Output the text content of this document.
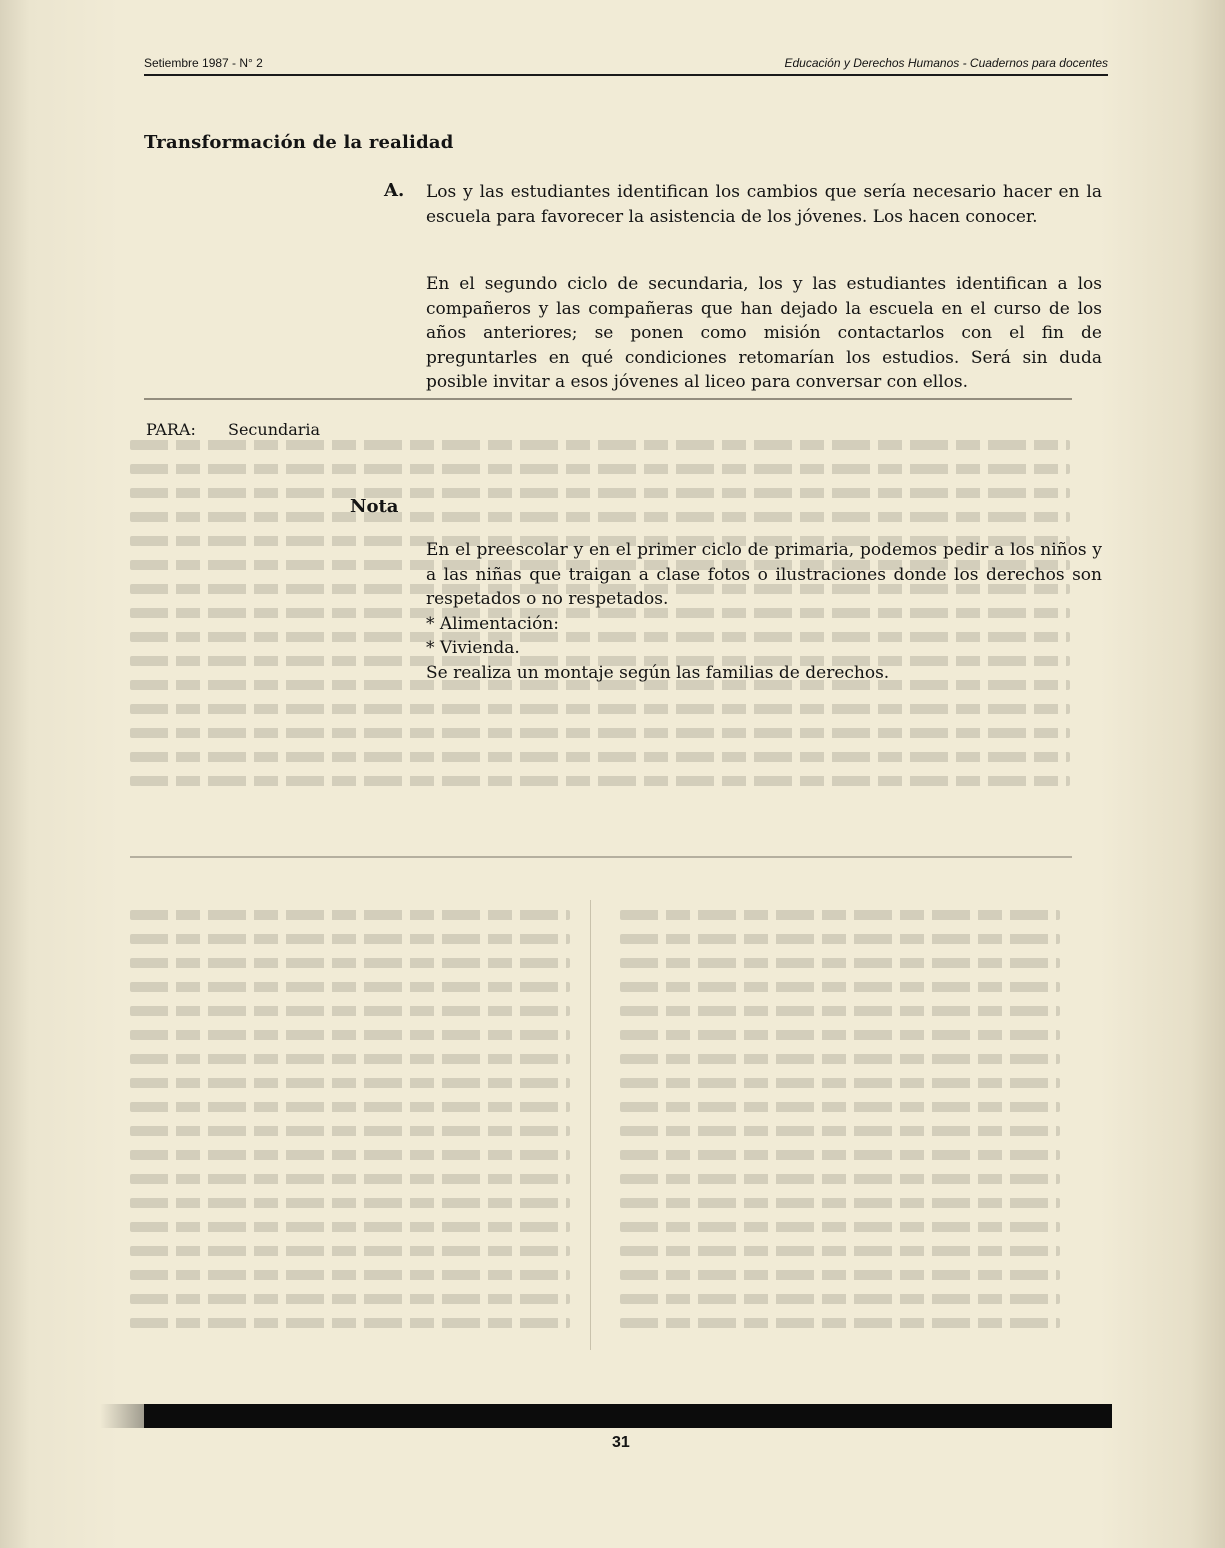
Setiembre 1987 - N° 2	Educación y Derechos Humanos - Cuadernos para docentes
Transformación de la realidad
A. Los y las estudiantes identifican los cambios que sería necesario hacer en la escuela para favorecer la asistencia de los jóvenes. Los hacen conocer.

En el segundo ciclo de secundaria, los y las estudiantes identifican a los compañeros y las compañeras que han dejado la escuela en el curso de los años anteriores; se ponen como misión contactarlos con el fin de preguntarles en qué condiciones retomarían los estudios. Será sin duda posible invitar a esos jóvenes al liceo para conversar con ellos.

PARA: Secundaria
Nota

En el preescolar y en el primer ciclo de primaria, podemos pedir a los niños y a las niñas que traigan a clase fotos o ilustraciones donde los derechos son respetados o no respetados.

* Alimentación:
* Vivienda.
Se realiza un montaje según las familias de derechos.
31
